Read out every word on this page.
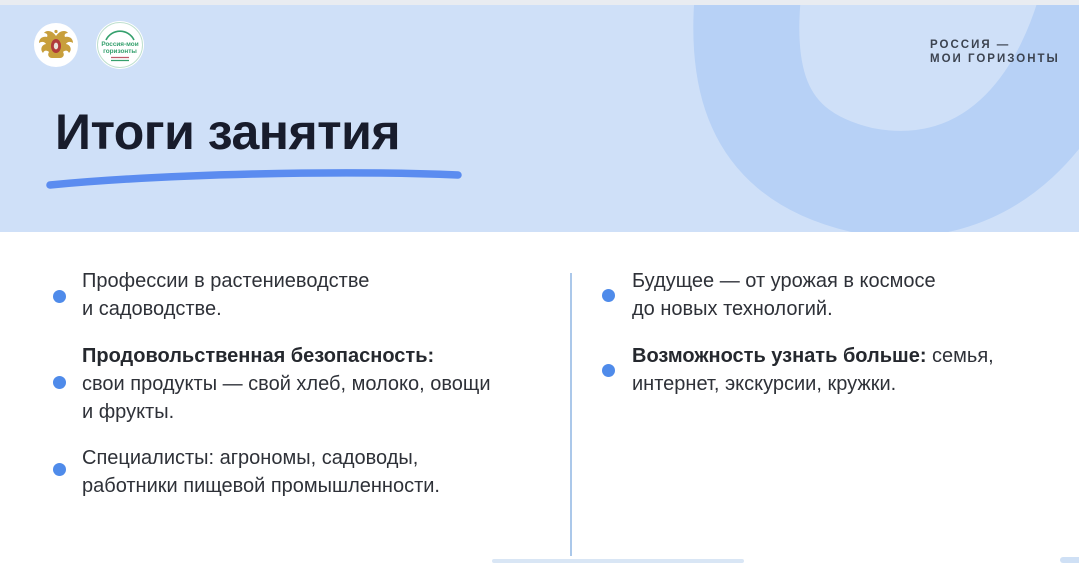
Россия-мои
горизонты
РОССИЯ —
МОИ ГОРИЗОНТЫ
Итоги занятия
Профессии в растениеводстве
и садоводстве.
Продовольственная безопасность:
свои продукты — свой хлеб, молоко, овощи
и фрукты.
Специалисты: агрономы, садоводы,
работники пищевой промышленности.
Будущее — от урожая в космосе
до новых технологий.
Возможность узнать больше: семья,
интернет, экскурсии, кружки.
